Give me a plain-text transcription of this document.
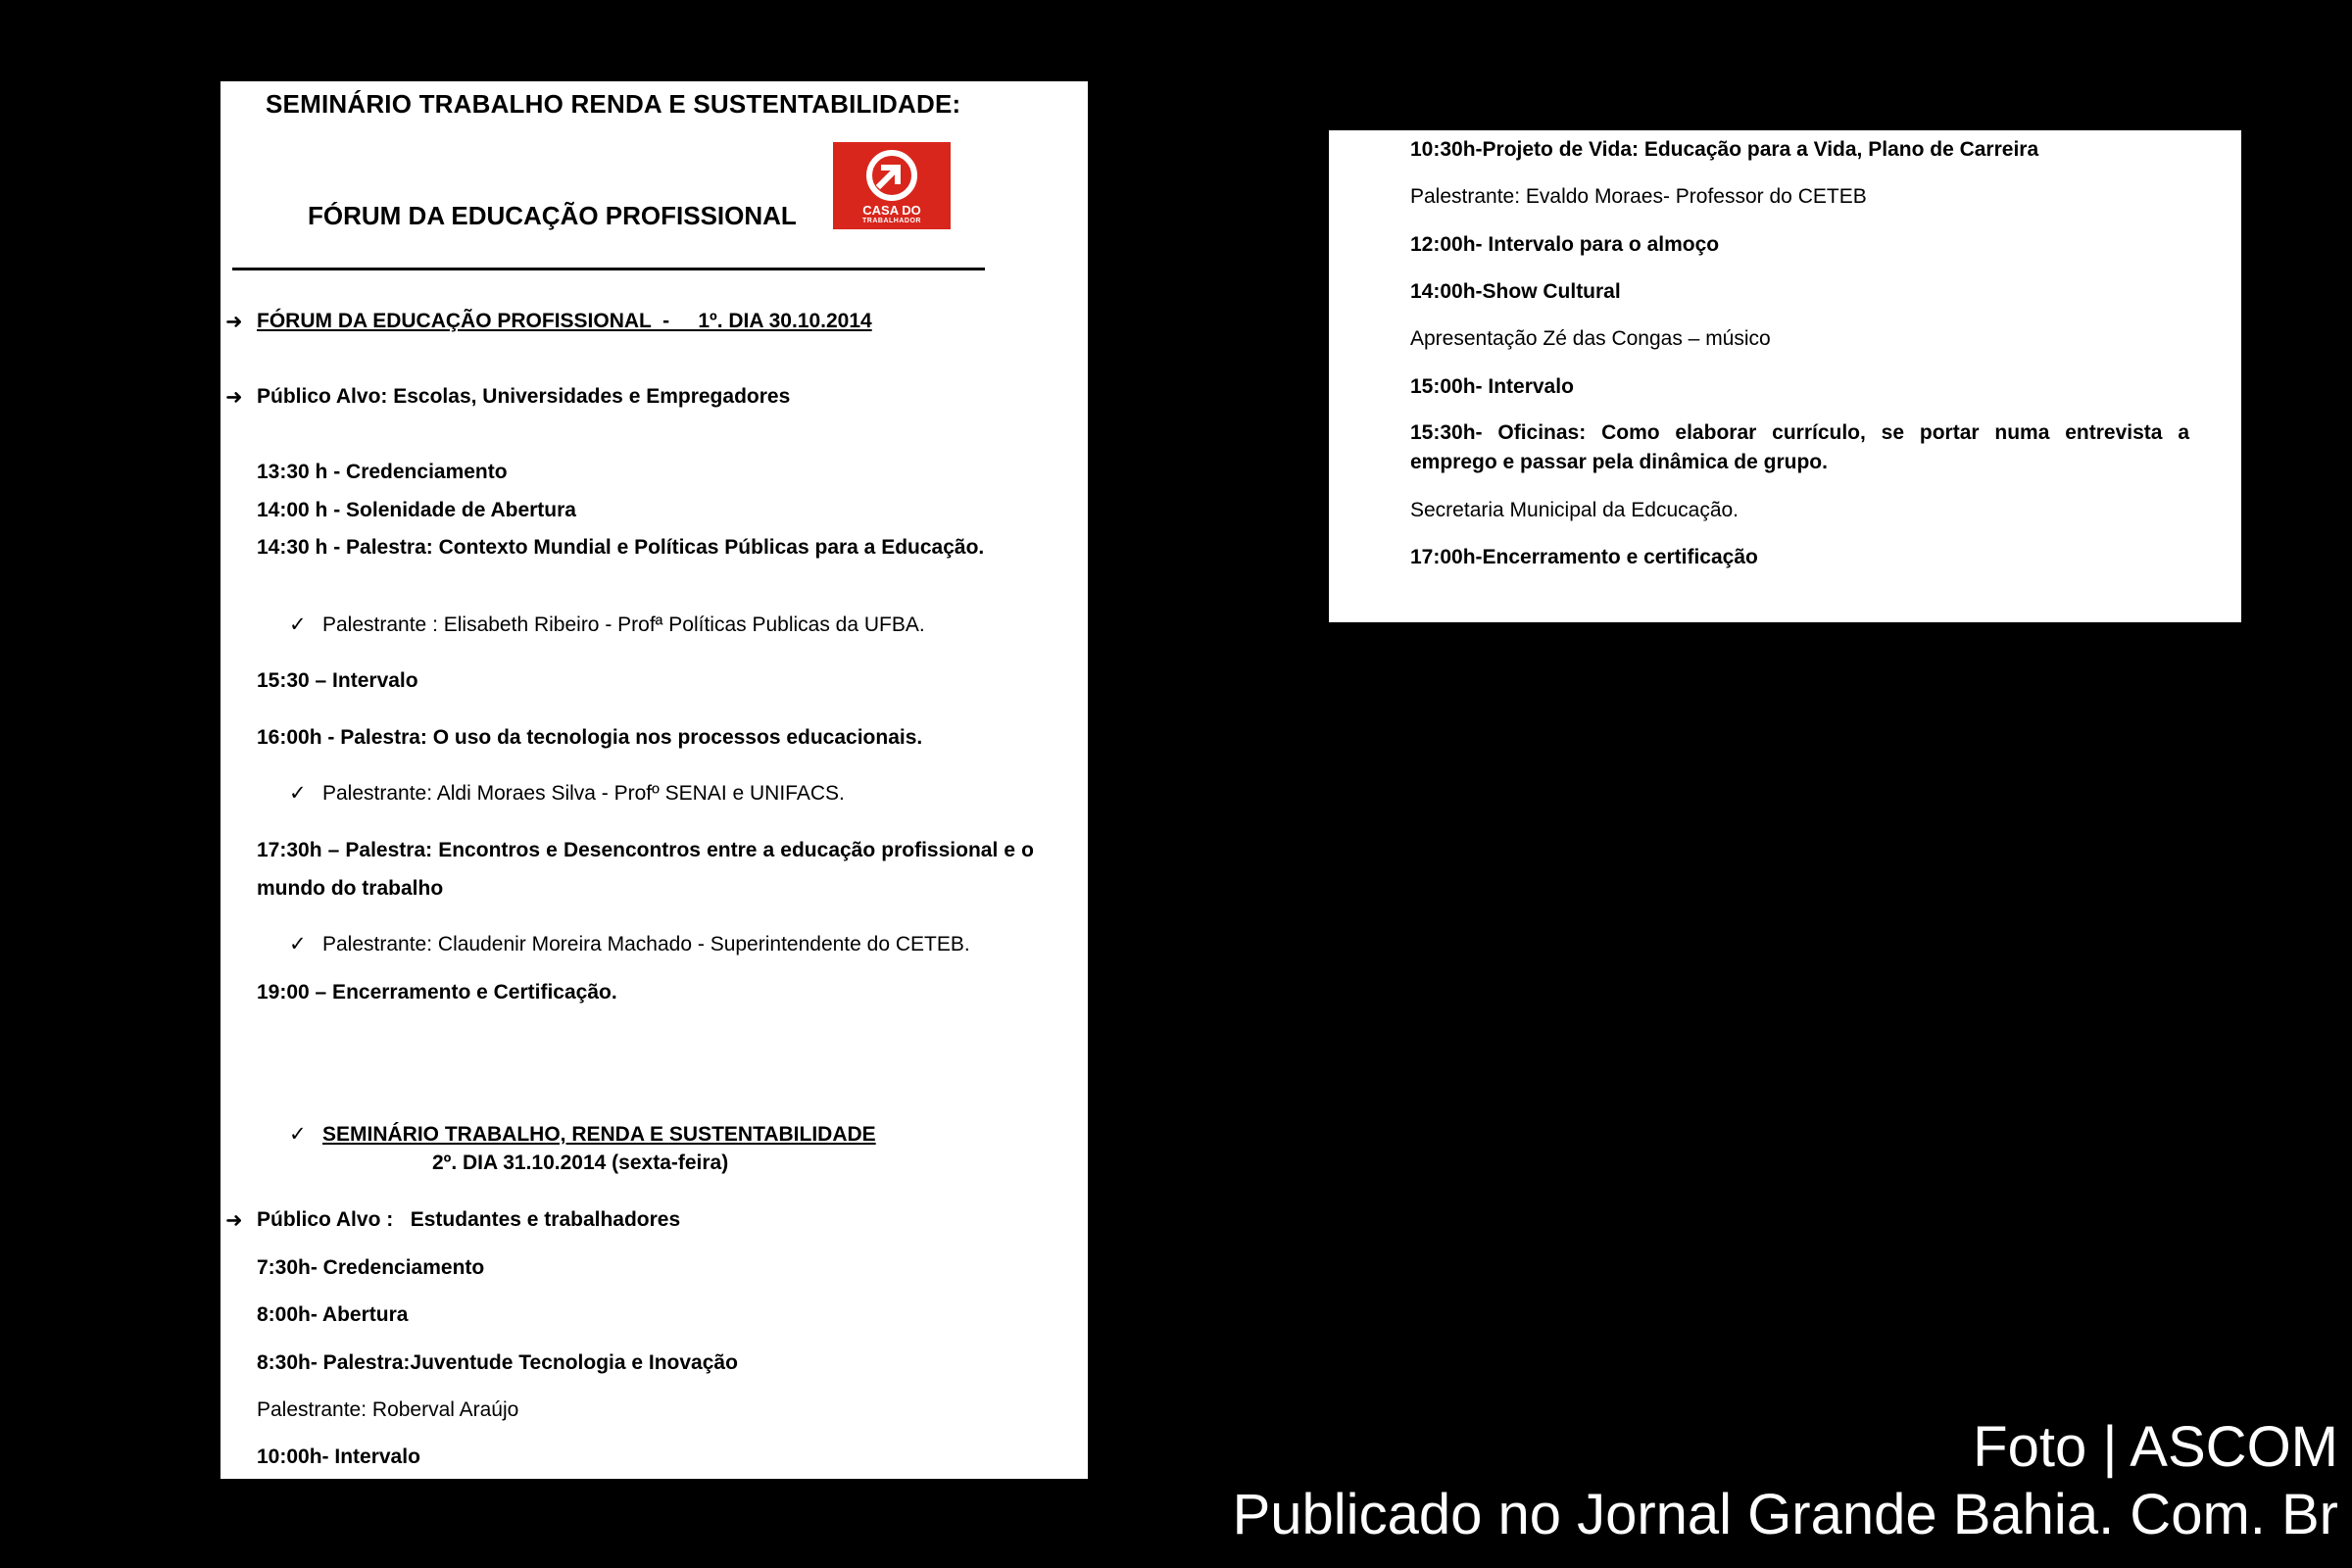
SEMINÁRIO TRABALHO RENDA E SUSTENTABILIDADE:
FÓRUM DA EDUCAÇÃO PROFISSIONAL	CASA DO
TRABALHADOR
➜ FÓRUM DA EDUCAÇÃO PROFISSIONAL  -     1º. DIA 30.10.2014
➜ Público Alvo: Escolas, Universidades e Empregadores
13:30 h - Credenciamento
14:00 h - Solenidade de Abertura
14:30 h - Palestra: Contexto Mundial e Políticas Públicas para a Educação.
✓ Palestrante : Elisabeth Ribeiro - Profª Políticas Publicas da UFBA.
15:30 – Intervalo
16:00h - Palestra: O uso da tecnologia nos processos educacionais.
✓ Palestrante: Aldi Moraes Silva - Profº SENAI e UNIFACS.
17:30h – Palestra: Encontros e Desencontros entre a educação profissional e o mundo do trabalho
✓ Palestrante: Claudenir Moreira Machado - Superintendente do CETEB.
19:00 – Encerramento e Certificação.
✓ SEMINÁRIO TRABALHO, RENDA E SUSTENTABILIDADE
2º. DIA 31.10.2014 (sexta-feira)
➜ Público Alvo :   Estudantes e trabalhadores
7:30h- Credenciamento
8:00h- Abertura
8:30h- Palestra:Juventude Tecnologia e Inovação
Palestrante: Roberval Araújo
10:00h- Intervalo
10:30h-Projeto de Vida: Educação para a Vida, Plano de Carreira
Palestrante: Evaldo Moraes- Professor do CETEB
12:00h- Intervalo para o almoço
14:00h-Show Cultural
Apresentação Zé das Congas – músico
15:00h- Intervalo
15:30h- Oficinas: Como elaborar currículo, se portar numa entrevista a emprego e passar pela dinâmica de grupo.
Secretaria Municipal da Edcucação.
17:00h-Encerramento e certificação
Foto | ASCOM
Publicado no Jornal Grande Bahia. Com. Br
